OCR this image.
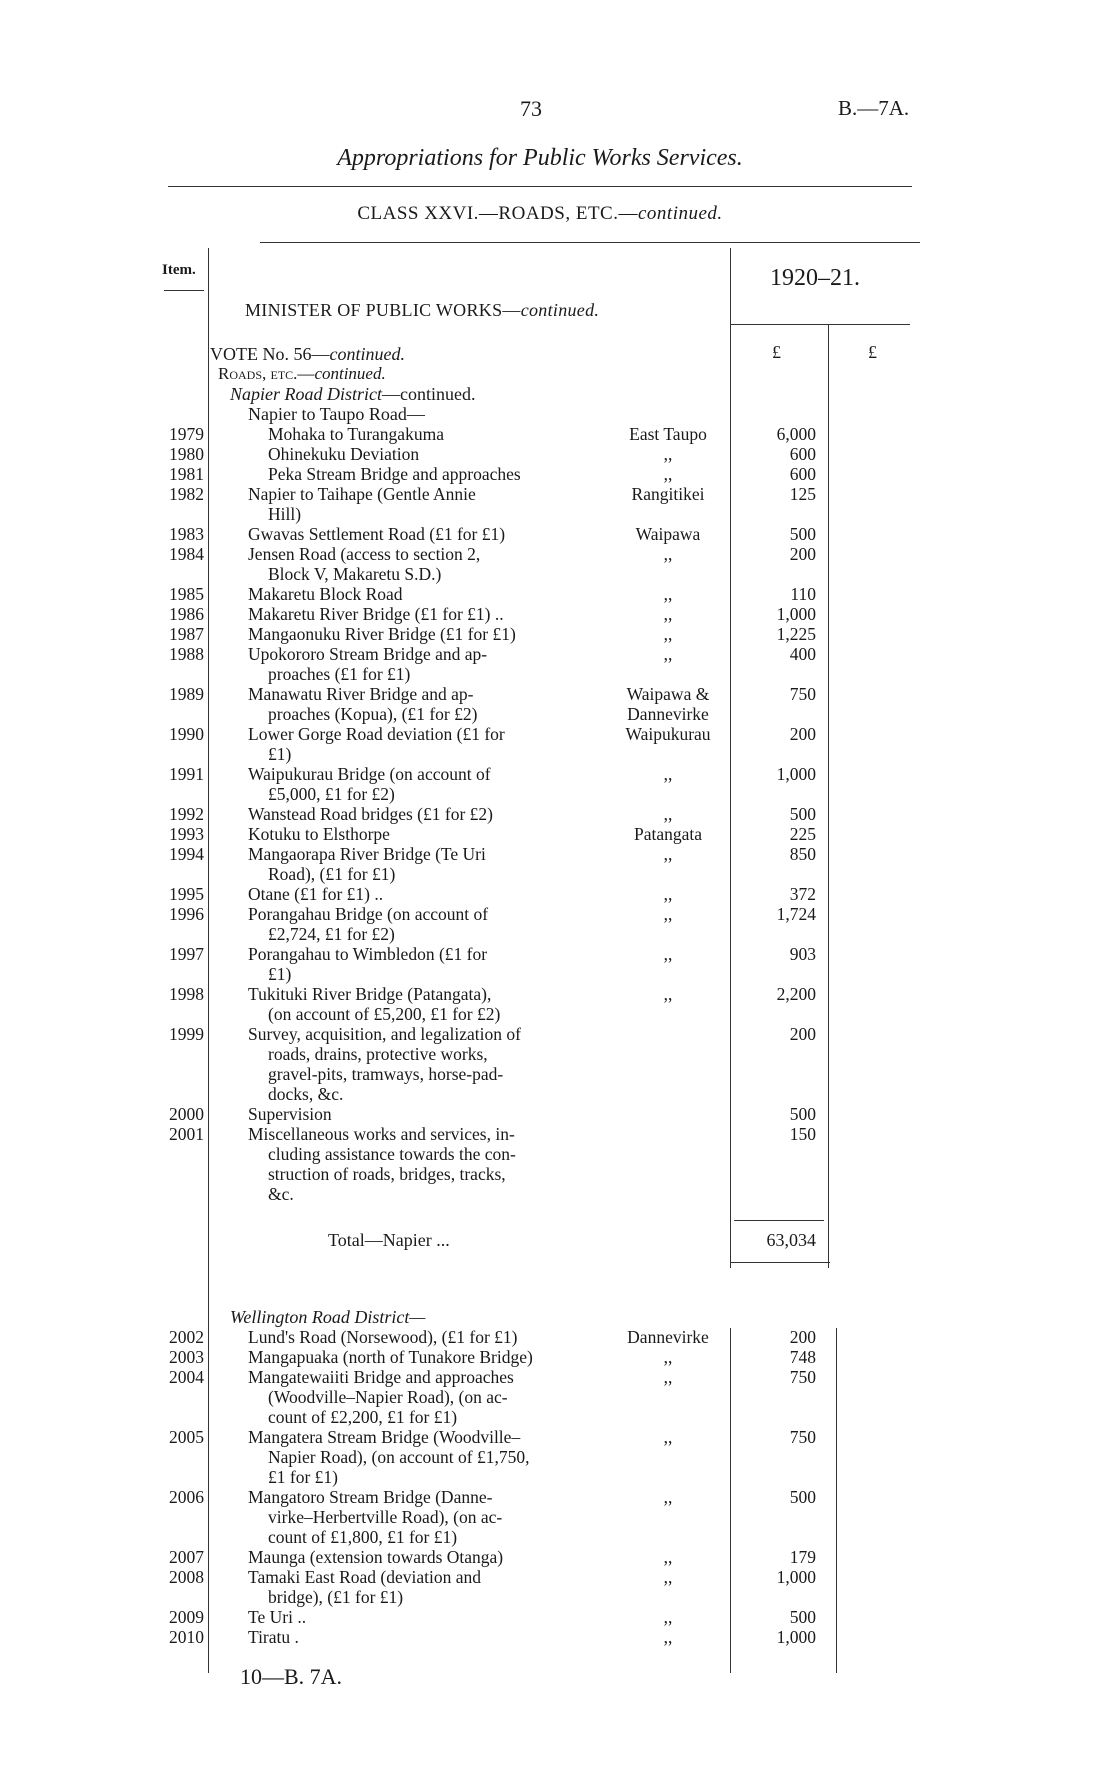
73	B.—7A.
Appropriations for Public Works Services.
CLASS XXVI.—ROADS, ETC.—continued.
Item.	1920–21.
MINISTER OF PUBLIC WORKS—continued.
£	£
VOTE No. 56—continued.
Roads, etc.—continued.
Napier Road District—continued.
Napier to Taupo Road—
1979	Mohaka to Turangakuma	East Taupo	6,000
1980	Ohinekuku Deviation	,,	600
1981	Peka Stream Bridge and approaches	,,	600
1982	Napier to Taihape (Gentle Annie	Rangitikei	125
Hill)
1983	Gwavas Settlement Road (£1 for £1)	Waipawa	500
1984	Jensen Road (access to section 2,	,,	200
Block V, Makaretu S.D.)
1985	Makaretu Block Road	,,	110
1986	Makaretu River Bridge (£1 for £1) ..	,,	1,000
1987	Mangaonuku River Bridge (£1 for £1)	,,	1,225
1988	Upokororo Stream Bridge and ap-	,,	400
proaches (£1 for £1)
1989	Manawatu River Bridge and ap-	Waipawa &	750
proaches (Kopua), (£1 for £2)	Dannevirke
1990	Lower Gorge Road deviation (£1 for	Waipukurau	200
£1)
1991	Waipukurau Bridge (on account of	,,	1,000
£5,000, £1 for £2)
1992	Wanstead Road bridges (£1 for £2)	,,	500
1993	Kotuku to Elsthorpe	Patangata	225
1994	Mangaorapa River Bridge (Te Uri	,,	850
Road), (£1 for £1)
1995	Otane (£1 for £1) ..	,,	372
1996	Porangahau Bridge (on account of	,,	1,724
£2,724, £1 for £2)
1997	Porangahau to Wimbledon (£1 for	,,	903
£1)
1998	Tukituki River Bridge (Patangata),	,,	2,200
(on account of £5,200, £1 for £2)
1999	Survey, acquisition, and legalization of	200
roads, drains, protective works,
gravel-pits, tramways, horse-pad-
docks, &c.
2000	Supervision	500
2001	Miscellaneous works and services, in-	150
cluding assistance towards the con-
struction of roads, bridges, tracks,
&c.
Total—Napier ...	63,034
Wellington Road District—
2002	Lund's Road (Norsewood), (£1 for £1)	Dannevirke	200
2003	Mangapuaka (north of Tunakore Bridge)	,,	748
2004	Mangatewaiiti Bridge and approaches	,,	750
(Woodville–Napier Road), (on ac-
count of £2,200, £1 for £1)
2005	Mangatera Stream Bridge (Woodville–	,,	750
Napier Road), (on account of £1,750,
£1 for £1)
2006	Mangatoro Stream Bridge (Danne-	,,	500
virke–Herbertville Road), (on ac-
count of £1,800, £1 for £1)
2007	Maunga (extension towards Otanga)	,,	179
2008	Tamaki East Road (deviation and	,,	1,000
bridge), (£1 for £1)
2009	Te Uri ..	,,	500
2010	Tiratu .	,,	1,000
10—B. 7A.
